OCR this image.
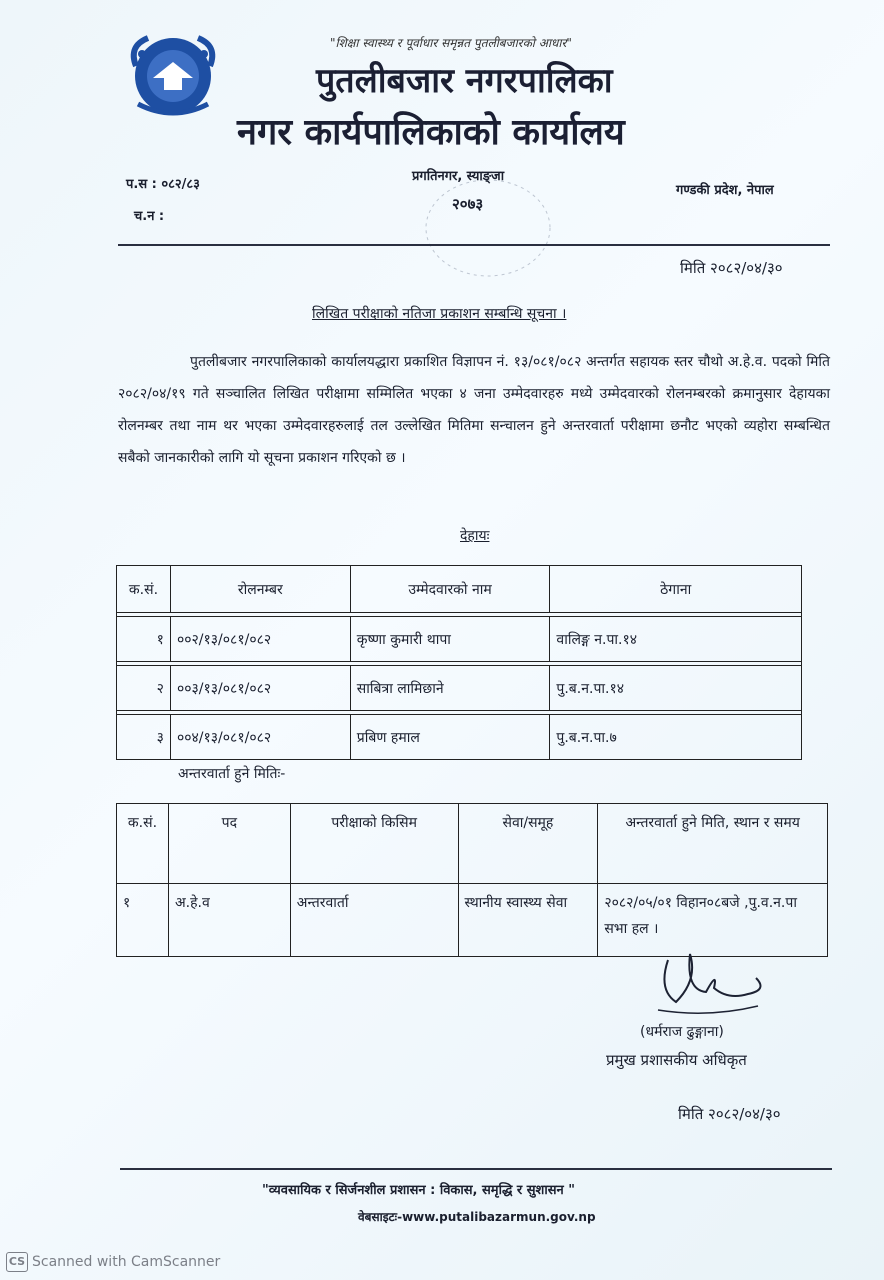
"शिक्षा स्वास्थ्य र पूर्वाधार समृन्नत पुतलीबजारको आधार"
पुतलीबजार नगरपालिका
नगर कार्यपालिकाको कार्यालय
प.स : ०८२/८३
च.न :
प्रगतिनगर, स्याङ्जा
२०७३
गण्डकी प्रदेश, नेपाल
मिति २०८२/०४/३०
लिखित परीक्षाको नतिजा प्रकाशन सम्बन्धि सूचना ।
पुतलीबजार नगरपालिकाको कार्यालयद्धारा प्रकाशित विज्ञापन नं. १३/०८१/०८२ अन्तर्गत सहायक स्तर चौथो अ.हे.व. पदको मिति २०८२/०४/१९ गते सञ्चालित लिखित परीक्षामा सम्मिलित भएका ४ जना उम्मेदवारहरु मध्ये उम्मेदवारको रोलनम्बरको क्रमानुसार देहायका रोलनम्बर तथा नाम थर भएका उम्मेदवारहरुलाई तल उल्लेखित मितिमा सन्चालन हुने अन्तरवार्ता परीक्षामा छनौट भएको व्यहोरा सम्बन्धित सबैको जानकारीको लागि यो सूचना प्रकाशन गरिएको छ ।
देहायः
क.सं.	रोलनम्बर	उम्मेदवारको नाम	ठेगाना

१	००२/१३/०८१/०८२	कृष्णा कुमारी थापा	वालिङ्ग न.पा.१४

२	००३/१३/०८१/०८२	साबित्रा लामिछाने	पु.ब.न.पा.१४

३	००४/१३/०८१/०८२	प्रबिण हमाल	पु.ब.न.पा.७
अन्तरवार्ता हुने मितिः-
क.सं.	पद	परीक्षाको किसिम	सेवा/समूह	अन्तरवार्ता हुने मिति, स्थान र समय
१	अ.हे.व	अन्तरवार्ता	स्थानीय स्वास्थ्य सेवा	२०८२/०५/०१ विहान०८बजे ,पु.व.न.पा सभा हल ।
(धर्मराज ढुङ्गाना)
प्रमुख प्रशासकीय अधिकृत
मिति २०८२/०४/३०
"व्यवसायिक र सिर्जनशील प्रशासन : विकास, समृद्धि र सुशासन "
वेबसाइटः-www.putalibazarmun.gov.np
CS Scanned with CamScanner
